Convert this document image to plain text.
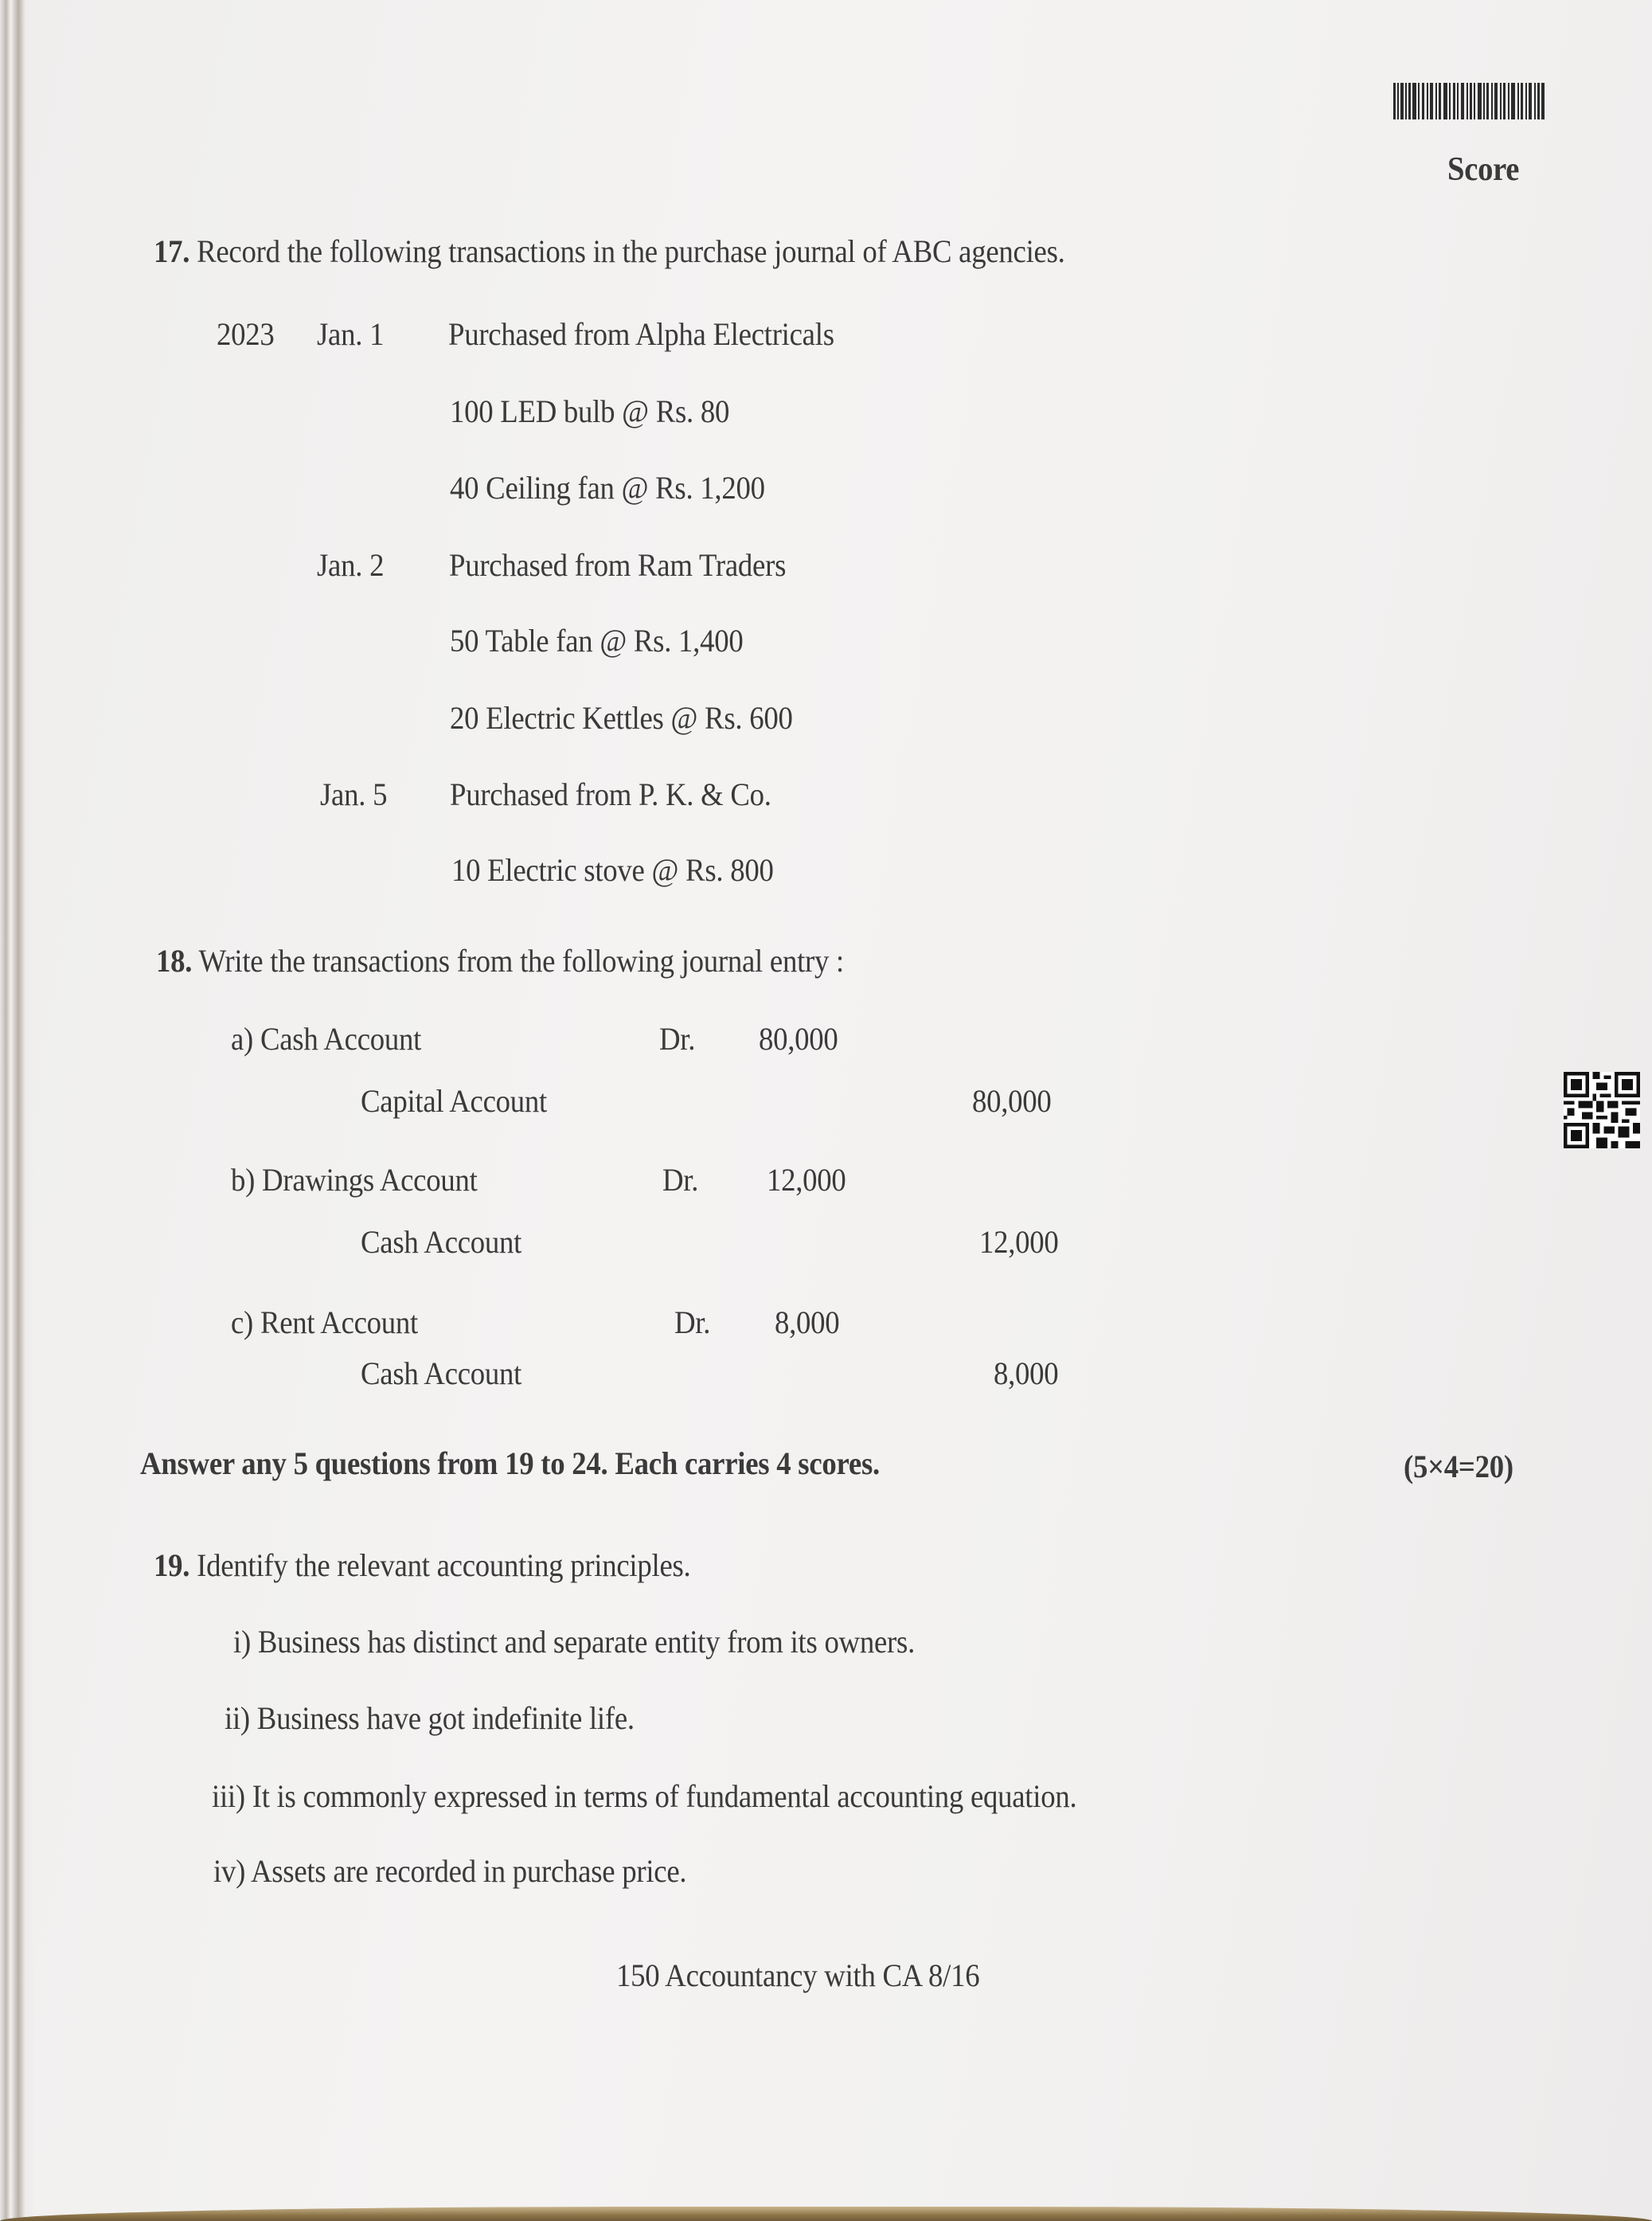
Score
17. Record the following transactions in the purchase journal of ABC agencies.
2023 Jan. 1 Purchased from Alpha Electricals
100 LED bulb @ Rs. 80
40 Ceiling fan @ Rs. 1,200
Jan. 2 Purchased from Ram Traders
50 Table fan @ Rs. 1,400
20 Electric Kettles @ Rs. 600
Jan. 5 Purchased from P. K. & Co.
10 Electric stove @ Rs. 800
18. Write the transactions from the following journal entry :
a) Cash Account	Dr. 80,000
Capital Account	80,000
b) Drawings Account	Dr. 12,000
Cash Account	12,000
c) Rent Account	Dr. 8,000
Cash Account	8,000
Answer any 5 questions from 19 to 24. Each carries 4 scores.	(5×4=20)
19. Identify the relevant accounting principles.
i) Business has distinct and separate entity from its owners.
ii) Business have got indefinite life.
iii) It is commonly expressed in terms of fundamental accounting equation.
iv) Assets are recorded in purchase price.
150 Accountancy with CA 8/16
